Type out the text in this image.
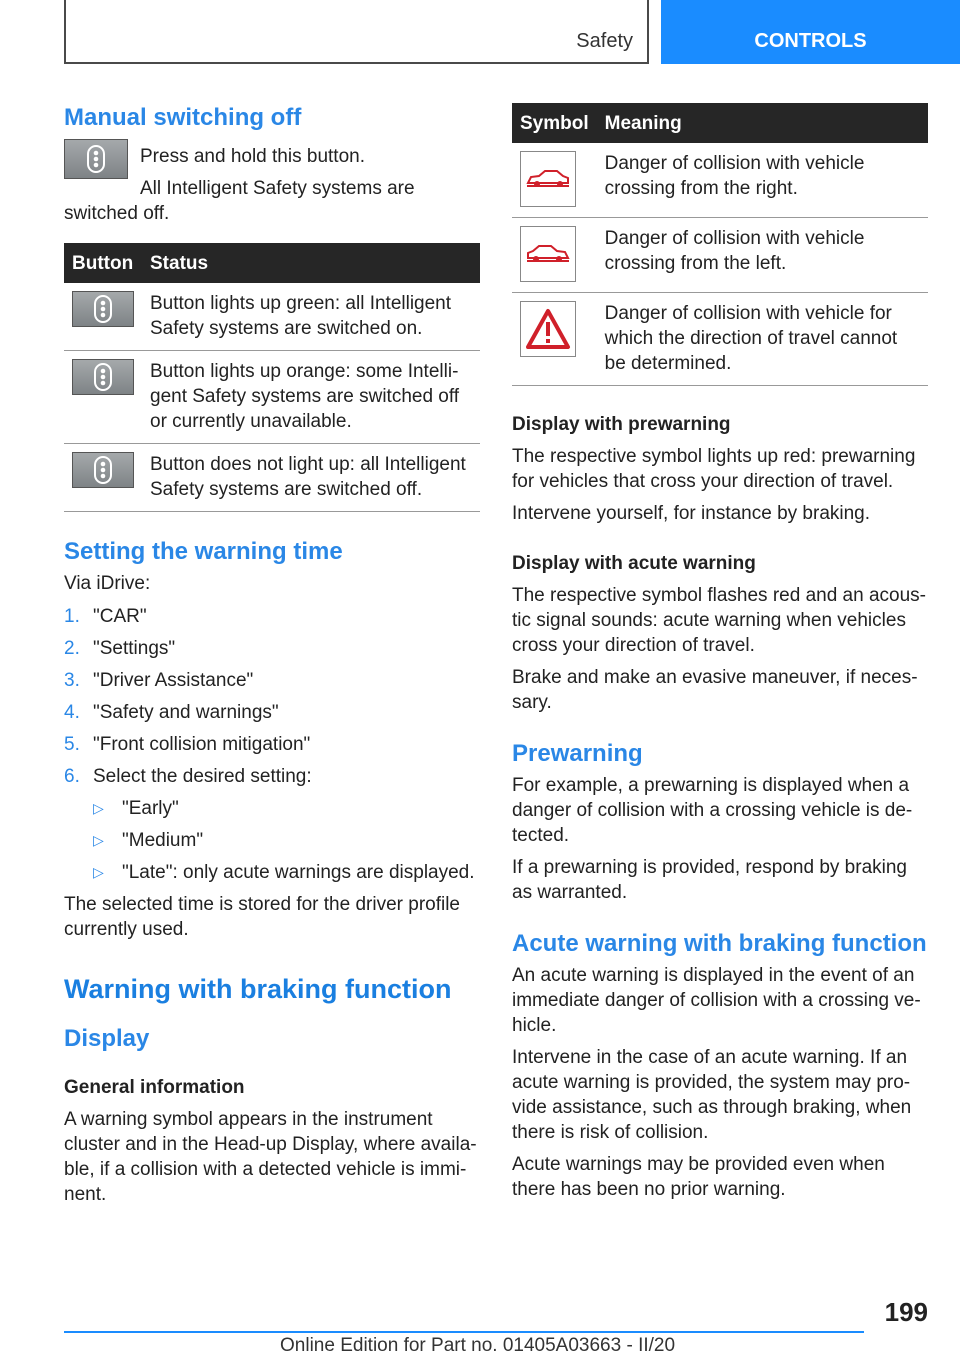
Safety	CONTROLS
Manual switching off

Press and hold this button.

All Intelligent Safety systems are

switched off.

Button	Status

	Button lights up green: all Intelligent Safety systems are switched on.

	Button lights up orange: some Intelli-gent Safety systems are switched off or currently unavailable.

	Button does not light up: all Intelligent Safety systems are switched off.
Setting the warning time

Via iDrive:

1. "CAR"
2. "Settings"
3. "Driver Assistance"
4. "Safety and warnings"
5. "Front collision mitigation"
6. Select the desired setting:
▷ "Early"
▷ "Medium"
▷ "Late": only acute warnings are displayed.

The selected time is stored for the driver profile currently used.

Warning with braking function
Display
General information

A warning symbol appears in the instrument cluster and in the Head-up Display, where availa-ble, if a collision with a detected vehicle is immi-nent.

Symbol	Meaning

	Danger of collision with vehicle crossing from the right.

	Danger of collision with vehicle crossing from the left.

	Danger of collision with vehicle for which the direction of travel cannot be determined.
Display with prewarning

The respective symbol lights up red: prewarning for vehicles that cross your direction of travel.

Intervene yourself, for instance by braking.

Display with acute warning

The respective symbol flashes red and an acous-tic signal sounds: acute warning when vehicles cross your direction of travel.

Brake and make an evasive maneuver, if neces-sary.

Prewarning

For example, a prewarning is displayed when a danger of collision with a crossing vehicle is de-tected.

If a prewarning is provided, respond by braking as warranted.

Acute warning with braking function

An acute warning is displayed in the event of an immediate danger of collision with a crossing ve-hicle.

Intervene in the case of an acute warning. If an acute warning is provided, the system may pro-vide assistance, such as through braking, when there is risk of collision.

Acute warnings may be provided even when there has been no prior warning.

199
Online Edition for Part no. 01405A03663 - II/20
